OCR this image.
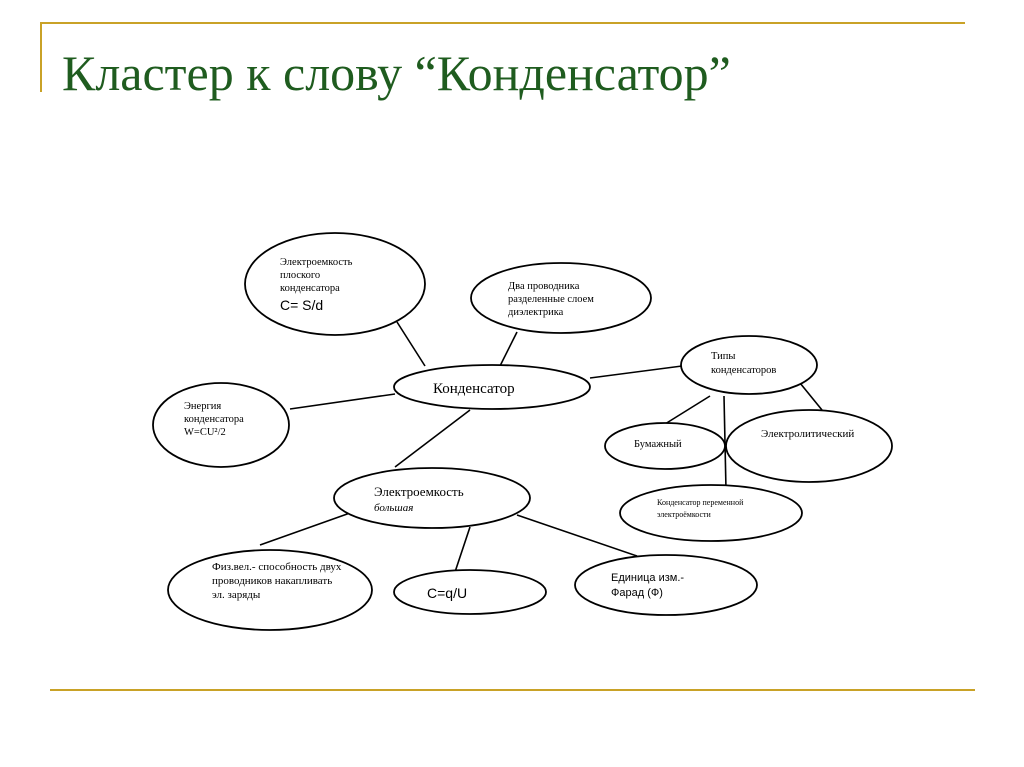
Кластер к слову “Конденсатор”
Электроемкость
плоского
конденсатора
C= S/d
Два проводника
разделенные слоем
диэлектрика
Конденсатор
Типы
конденсаторов
Энергия
конденсатора
W=CU²/2
Бумажный
Электролитический
Конденсатор переменной
электроёмкости
Электроемкость
большая
Физ.вел.- способность двух
проводников накапливать
эл. заряды	C=q/U
Единица изм.-
Фарад (Ф)
